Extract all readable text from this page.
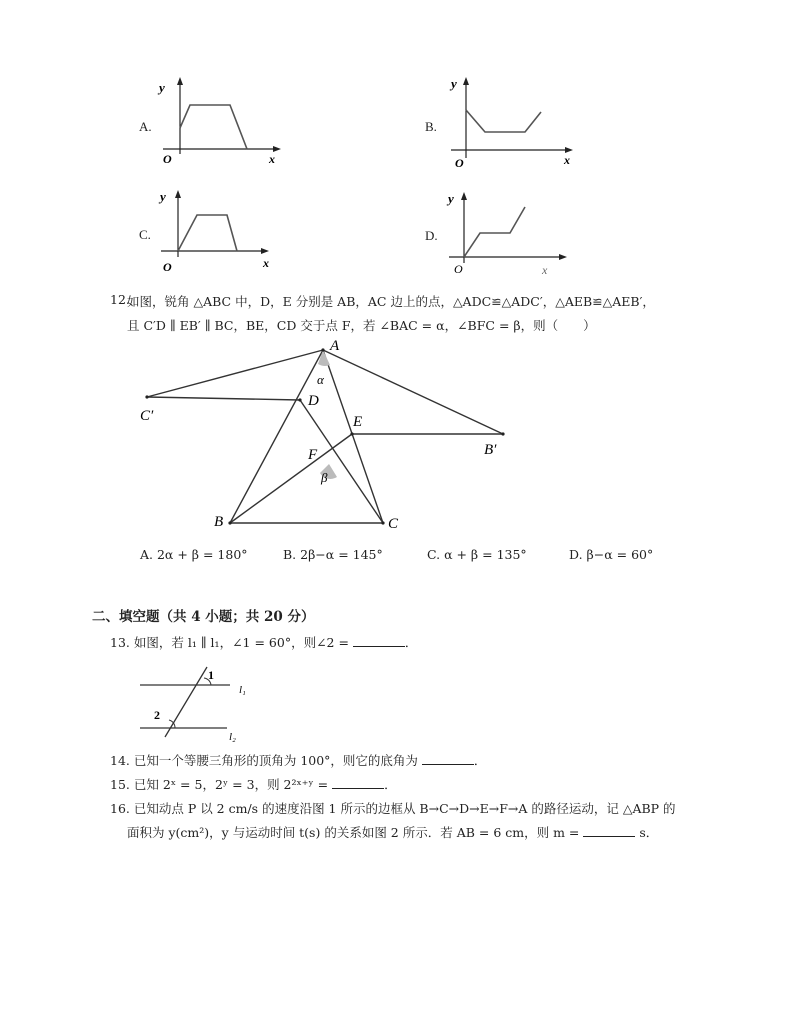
A.
y
O	x
B.
y
O	x
C.
y
O	x
D.
y
O	x
12.
如图，锐角 △ABC 中，D，E 分别是 AB，AC 边上的点，△ADC≌△ADC′，△AEB≌△AEB′，
且 C′D ∥ EB′ ∥ BC，BE，CD 交于点 F，若 ∠BAC = α，∠BFC = β，则（　　）
A
C′
D
E
B′
F
B	C
α
β
A. 2α + β = 180°	B. 2β−α = 145°	C. α + β = 135°	D. β−α = 60°
二、填空题（共 4 小题；共 20 分）
13. 如图，若 l₁ ∥ l₁，∠1 = 60°，则∠2 =	．
1
2
l₁
l₂
14. 已知一个等腰三角形的顶角为 100°，则它的底角为	．
15. 已知 2ˣ = 5，2ʸ = 3，则 2²ˣ⁺ʸ =	．
16. 已知动点 P 以 2 cm/s 的速度沿图 1 所示的边框从 B→C→D→E→F→A 的路径运动，记 △ABP 的
面积为 y(cm²)，y 与运动时间 t(s) 的关系如图 2 所示．若 AB = 6 cm，则 m =	s．
